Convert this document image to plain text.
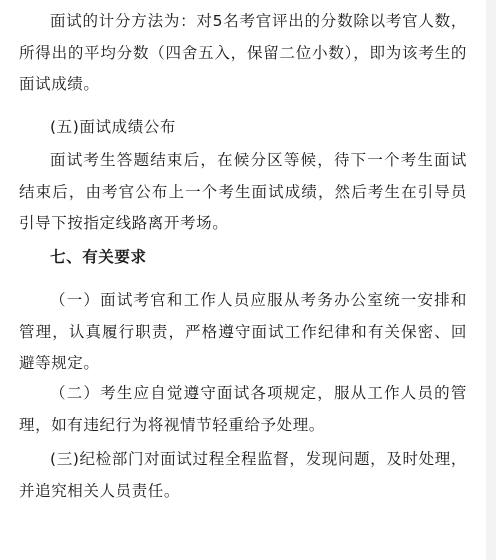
面试的计分方法为：对5名考官评出的分数除以考官人数，所得出的平均分数（四舍五入，保留二位小数），即为该考生的面试成绩。

(五)面试成绩公布

面试考生答题结束后，在候分区等候，待下一个考生面试结束后，由考官公布上一个考生面试成绩，然后考生在引导员引导下按指定线路离开考场。

七、有关要求

（一）面试考官和工作人员应服从考务办公室统一安排和管理，认真履行职责，严格遵守面试工作纪律和有关保密、回避等规定。

（二）考生应自觉遵守面试各项规定，服从工作人员的管理，如有违纪行为将视情节轻重给予处理。

(三)纪检部门对面试过程全程监督，发现问题，及时处理，并追究相关人员责任。
